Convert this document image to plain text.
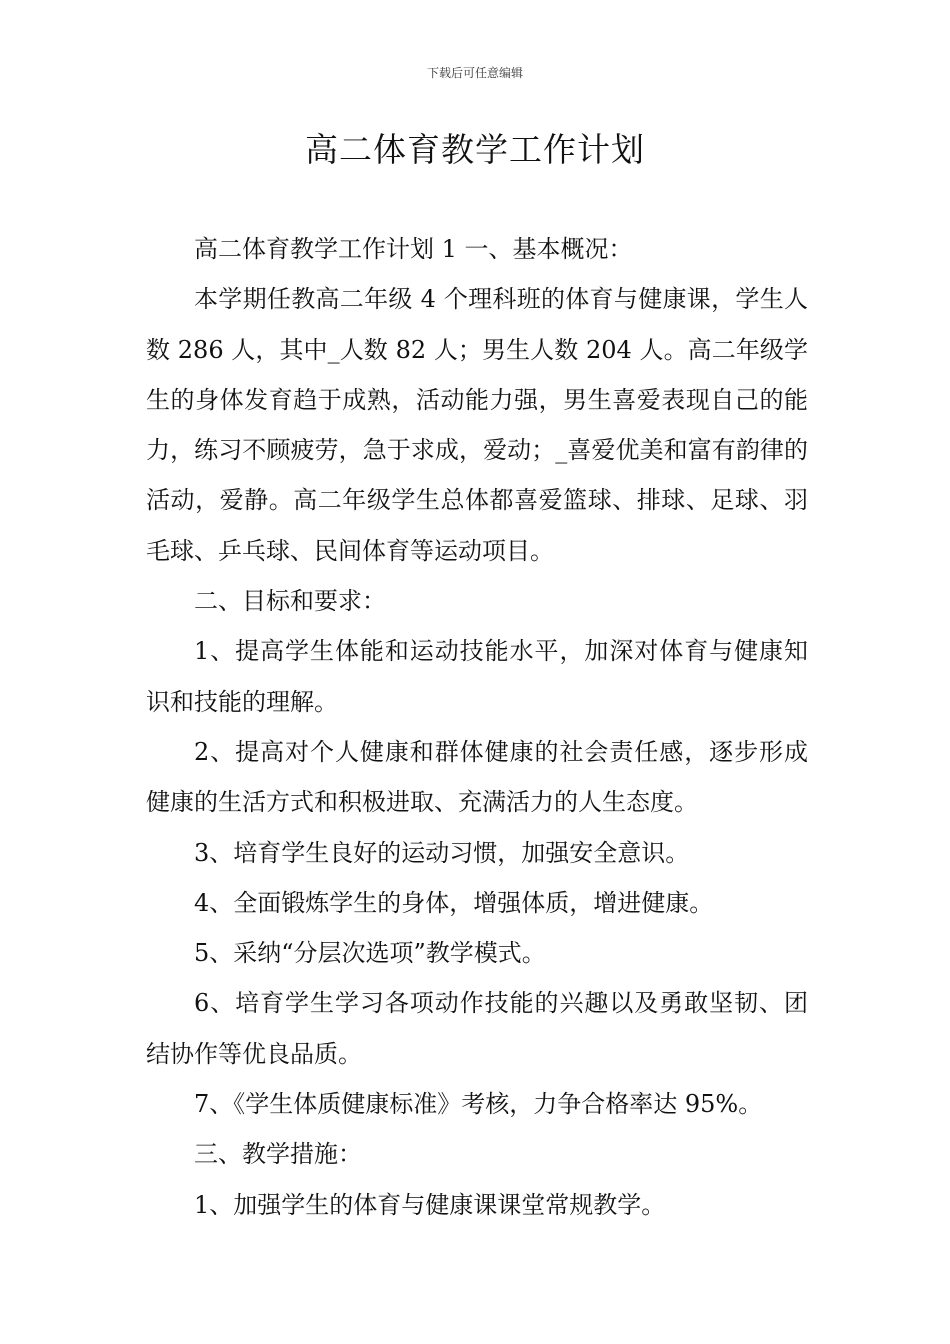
下载后可任意编辑
高二体育教学工作计划

高二体育教学工作计划 1 一、基本概况：

本学期任教高二年级 4 个理科班的体育与健康课，学生人数 286 人，其中_人数 82 人；男生人数 204 人。高二年级学生的身体发育趋于成熟，活动能力强，男生喜爱表现自己的能力，练习不顾疲劳，急于求成，爱动；_喜爱优美和富有韵律的活动，爱静。高二年级学生总体都喜爱篮球、排球、足球、羽毛球、乒乓球、民间体育等运动项目。

二、目标和要求：

1、提高学生体能和运动技能水平，加深对体育与健康知识和技能的理解。

2、提高对个人健康和群体健康的社会责任感，逐步形成健康的生活方式和积极进取、充满活力的人生态度。

3、培育学生良好的运动习惯，加强安全意识。

4、全面锻炼学生的身体，增强体质，增进健康。

5、采纳“分层次选项”教学模式。

6、培育学生学习各项动作技能的兴趣以及勇敢坚韧、团结协作等优良品质。

7、《学生体质健康标准》考核，力争合格率达 95%。

三、教学措施：

1、加强学生的体育与健康课课堂常规教学。
